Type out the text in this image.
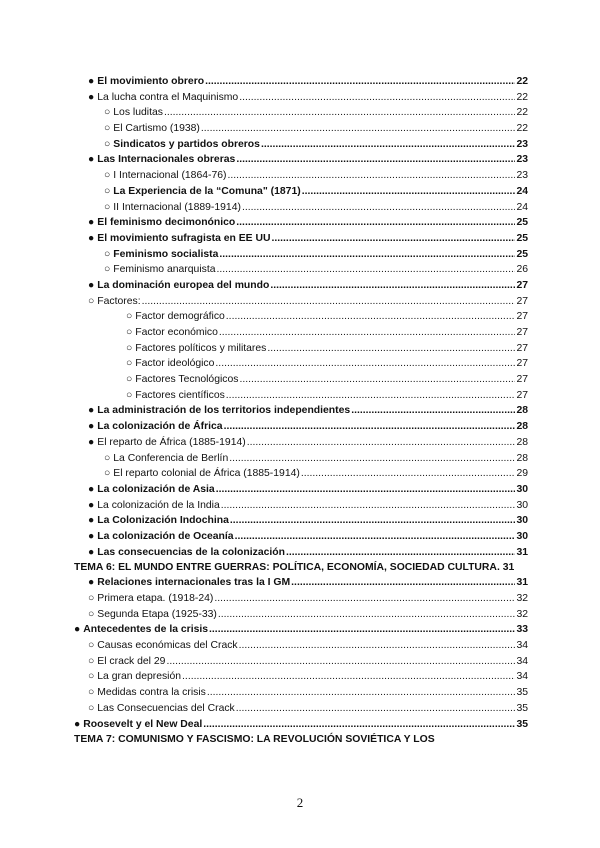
● El movimiento obrero .....	22
● La lucha contra el Maquinismo .....	22
○ Los luditas .....	22
○ El Cartismo (1938) .....	22
○ Sindicatos y partidos obreros .....	23
● Las Internacionales obreras .....	23
○ I Internacional (1864-76) .....	23
○ La Experiencia de la “Comuna" (1871) .....	24
○ II Internacional (1889-1914) .....	24
● El feminismo decimonónico .....	25
● El movimiento sufragista en EE UU .....	25
○ Feminismo socialista .....	25
○ Feminismo anarquista .....	26
● La dominación europea del mundo .....	27
○ Factores: .....	27
○ Factor demográfico .....	27
○ Factor económico .....	27
○ Factores políticos y militares .....	27
○ Factor ideológico .....	27
○ Factores Tecnológicos .....	27
○ Factores científicos .....	27
● La administración de los territorios independientes .....	28
● La colonización de África .....	28
● El reparto de África (1885-1914) .....	28
○ La Conferencia de Berlín .....	28
○ El reparto colonial de África (1885-1914) .....	29
● La colonización de Asia .....	30
● La colonización de la India .....	30
● La Colonización Indochina .....	30
● La colonización de Oceanía .....	30
● Las consecuencias de la colonización .....	31
TEMA 6: EL MUNDO ENTRE GUERRAS: POLÍTICA, ECONOMÍA, SOCIEDAD CULTURA. 31
● Relaciones internacionales tras la I GM .....	31
○ Primera etapa. (1918-24) .....	32
○ Segunda Etapa (1925-33) .....	32
● Antecedentes de la crisis .....	33
○ Causas económicas del Crack .....	34
○ El crack del 29 .....	34
○ La gran depresión .....	34
○ Medidas contra la crisis .....	35
○ Las Consecuencias del Crack .....	35
● Roosevelt y el New Deal .....	35
TEMA 7: COMUNISMO Y FASCISMO: LA REVOLUCIÓN SOVIÉTICA Y LOS
2
